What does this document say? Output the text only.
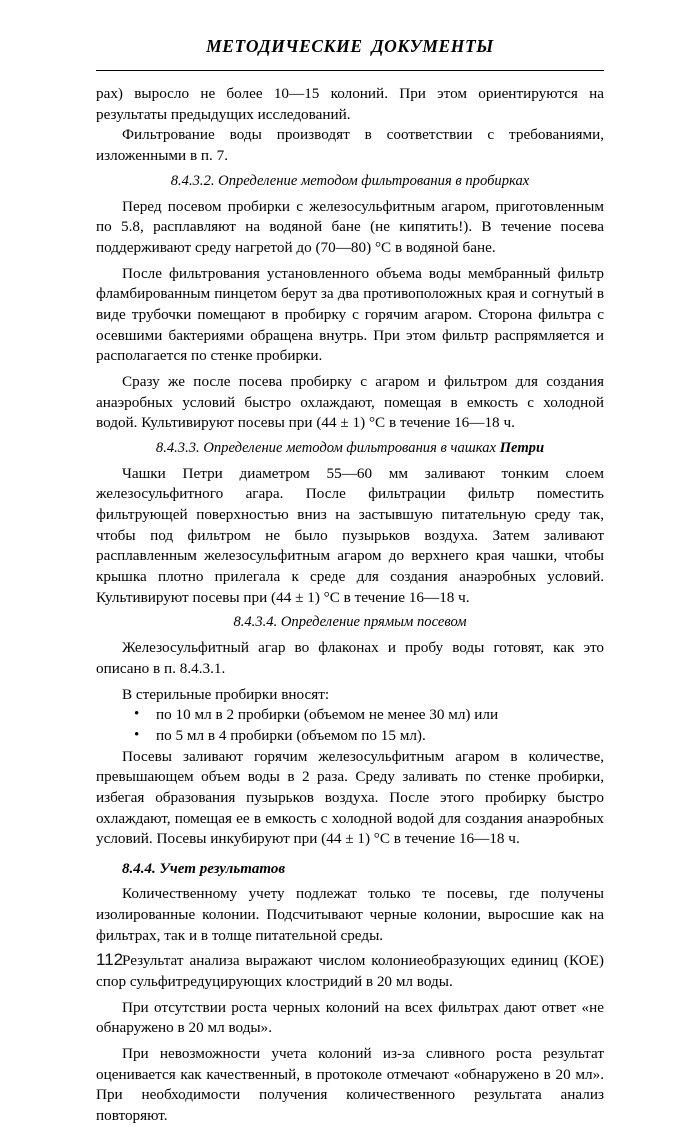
МЕТОДИЧЕСКИЕ ДОКУМЕНТЫ

рах) выросло не более 10—15 колоний. При этом ориентируются на результаты предыдущих исследований.

Фильтрование воды производят в соответствии с требованиями, изложенными в п. 7.

8.4.3.2. Определение методом фильтрования в пробирках

Перед посевом пробирки с железосульфитным агаром, приготовленным по 5.8, расплавляют на водяной бане (не кипятить!). В течение посева поддерживают среду нагретой до (70—80) °С в водяной бане.

После фильтрования установленного объема воды мембранный фильтр фламбированным пинцетом берут за два противоположных края и согнутый в виде трубочки помещают в пробирку с горячим агаром. Сторона фильтра с осевшими бактериями обращена внутрь. При этом фильтр распрямляется и располагается по стенке пробирки.

Сразу же после посева пробирку с агаром и фильтром для создания анаэробных условий быстро охлаждают, помещая в емкость с холодной водой. Культивируют посевы при (44 ± 1) °С в течение 16—18 ч.

8.4.3.3. Определение методом фильтрования в чашках Петри

Чашки Петри диаметром 55—60 мм заливают тонким слоем железосульфитного агара. После фильтрации фильтр поместить фильтрующей поверхностью вниз на застывшую питательную среду так, чтобы под фильтром не было пузырьков воздуха. Затем заливают расплавленным железосульфитным агаром до верхнего края чашки, чтобы крышка плотно прилегала к среде для создания анаэробных условий. Культивируют посевы при (44 ± 1) °С в течение 16—18 ч.

8.4.3.4. Определение прямым посевом

Железосульфитный агар во флаконах и пробу воды готовят, как это описано в п. 8.4.3.1.

В стерильные пробирки вносят:

• по 10 мл в 2 пробирки (объемом не менее 30 мл) или
• по 5 мл в 4 пробирки (объемом по 15 мл).

Посевы заливают горячим железосульфитным агаром в количестве, превышающем объем воды в 2 раза. Среду заливать по стенке пробирки, избегая образования пузырьков воздуха. После этого пробирку быстро охлаждают, помещая ее в емкость с холодной водой для создания анаэробных условий. Посевы инкубируют при (44 ± 1) °С в течение 16—18 ч.

8.4.4. Учет результатов

Количественному учету подлежат только те посевы, где получены изолированные колонии. Подсчитывают черные колонии, выросшие как на фильтрах, так и в толще питательной среды.

Результат анализа выражают числом колониеобразующих единиц (КОЕ) спор сульфитредуцирующих клостридий в 20 мл воды.

При отсутствии роста черных колоний на всех фильтрах дают ответ «не обнаружено в 20 мл воды».

При невозможности учета колоний из-за сливного роста результат оценивается как качественный, в протоколе отмечают «обнаружено в 20 мл». При необходимости получения количественного результата анализ повторяют.

112
